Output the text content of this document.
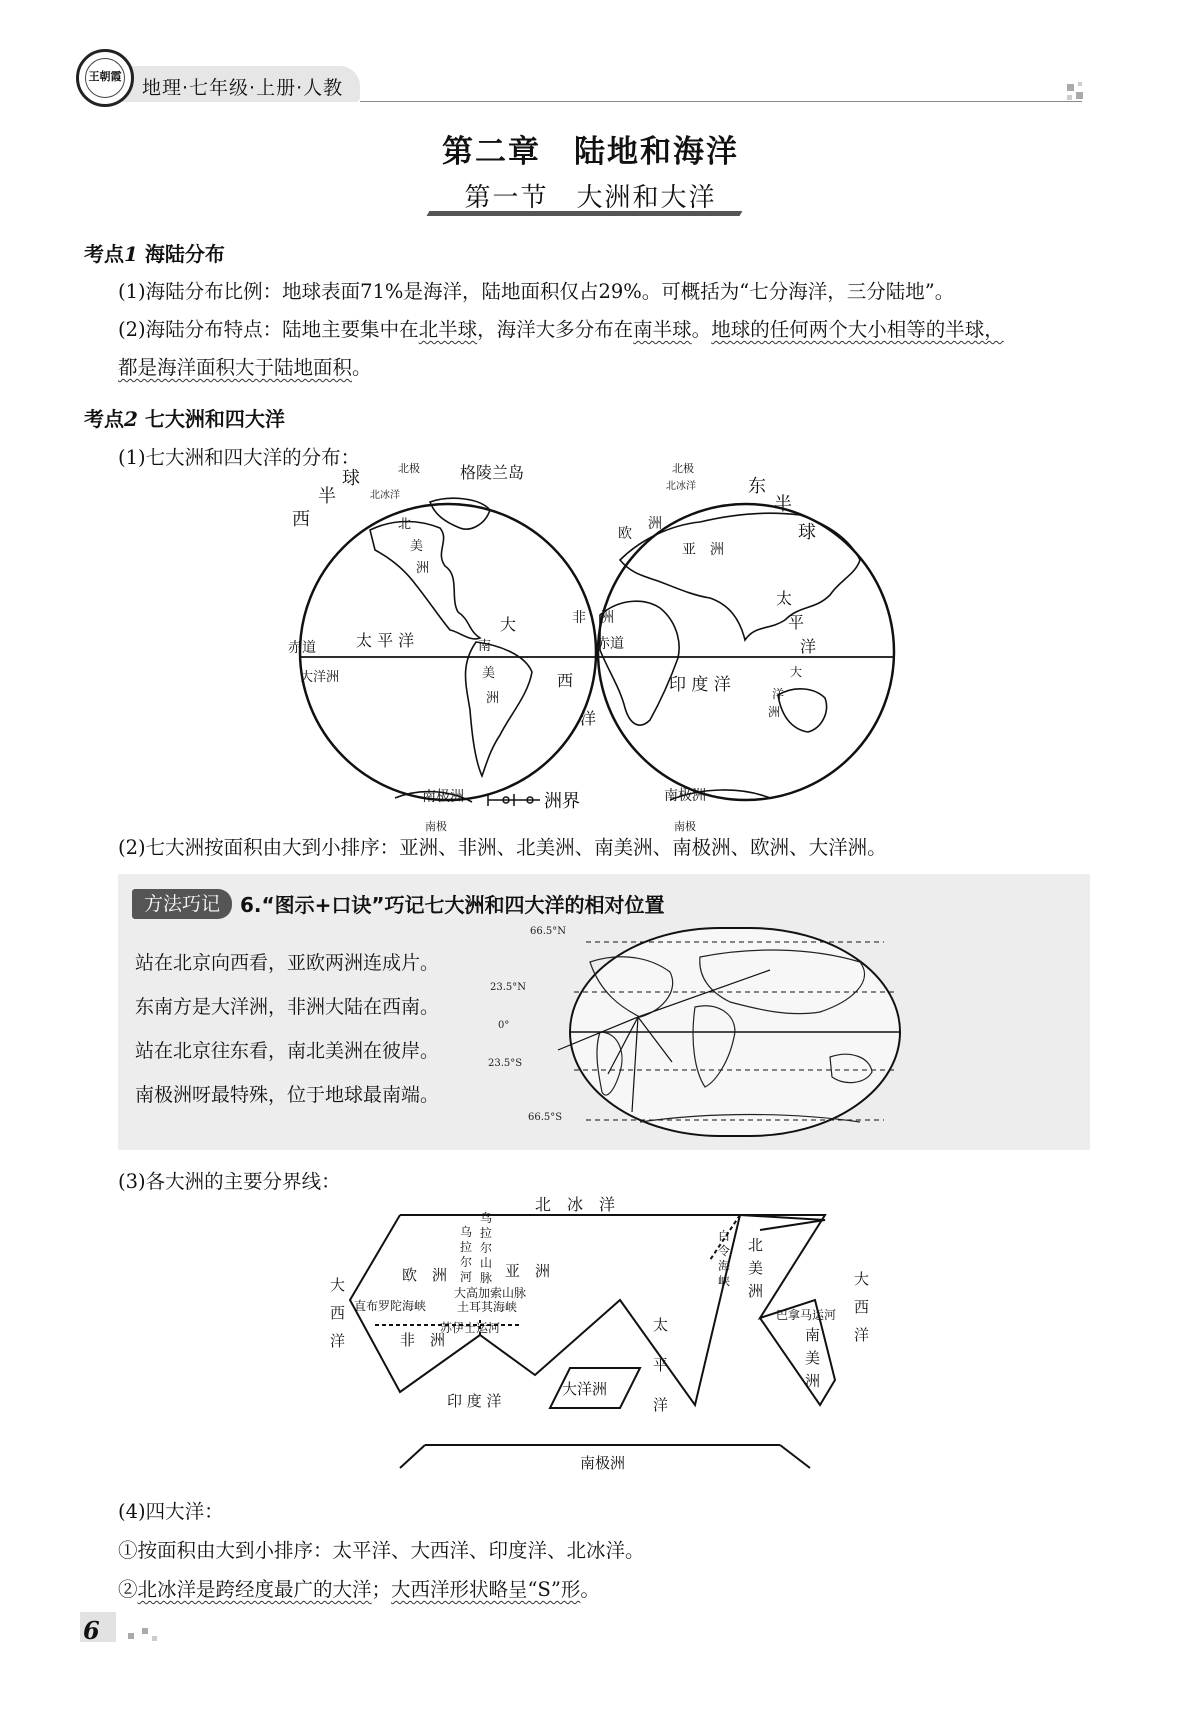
王朝霞
地理·七年级·上册·人教
第二章　陆地和海洋
第一节　大洲和大洋
考点1 海陆分布
(1)海陆分布比例：地球表面71%是海洋，陆地面积仅占29%。可概括为“七分海洋，三分陆地”。
(2)海陆分布特点：陆地主要集中在北半球，海洋大多分布在南半球。地球的任何两个大小相等的半球，
都是海洋面积大于陆地面积。
考点2 七大洲和四大洋
(1)七大洲和四大洋的分布：	北极	格陵兰岛
北冰洋
西
半
球
北
美
洲
赤道	太 平 洋
大
大洋洲
南
美
洲
南极洲
南极
北极
北冰洋	东
半
球
欧
洲
亚　洲
非　洲
赤道
西
洋
印 度 洋
太
平
洋
大
洋
洲
南极洲
南极
洲界
(2)七大洲按面积由大到小排序：亚洲、非洲、北美洲、南美洲、南极洲、欧洲、大洋洲。
方法巧记	6.“图示+口诀”巧记七大洲和四大洋的相对位置
站在北京向西看，亚欧两洲连成片。
东南方是大洋洲，非洲大陆在西南。
站在北京往东看，南北美洲在彼岸。
南极洲呀最特殊，位于地球最南端。
66.5°N
23.5°N
0°
23.5°S
66.5°S
(3)各大洲的主要分界线：
北　冰　洋
乌
拉
尔
河
乌
拉
尔
山
脉
欧　洲	亚　洲
大高加索山脉
土耳其海峡
直布罗陀海峡
苏伊士运河
非　洲
大
西
洋
印 度 洋
大洋洲
太
平
洋
白
令
海
峡
北
美
洲
巴拿马运河
南
美
洲
大
西
洋
南极洲
(4)四大洋：
①按面积由大到小排序：太平洋、大西洋、印度洋、北冰洋。
②北冰洋是跨经度最广的大洋；大西洋形状略呈“S”形。
6
